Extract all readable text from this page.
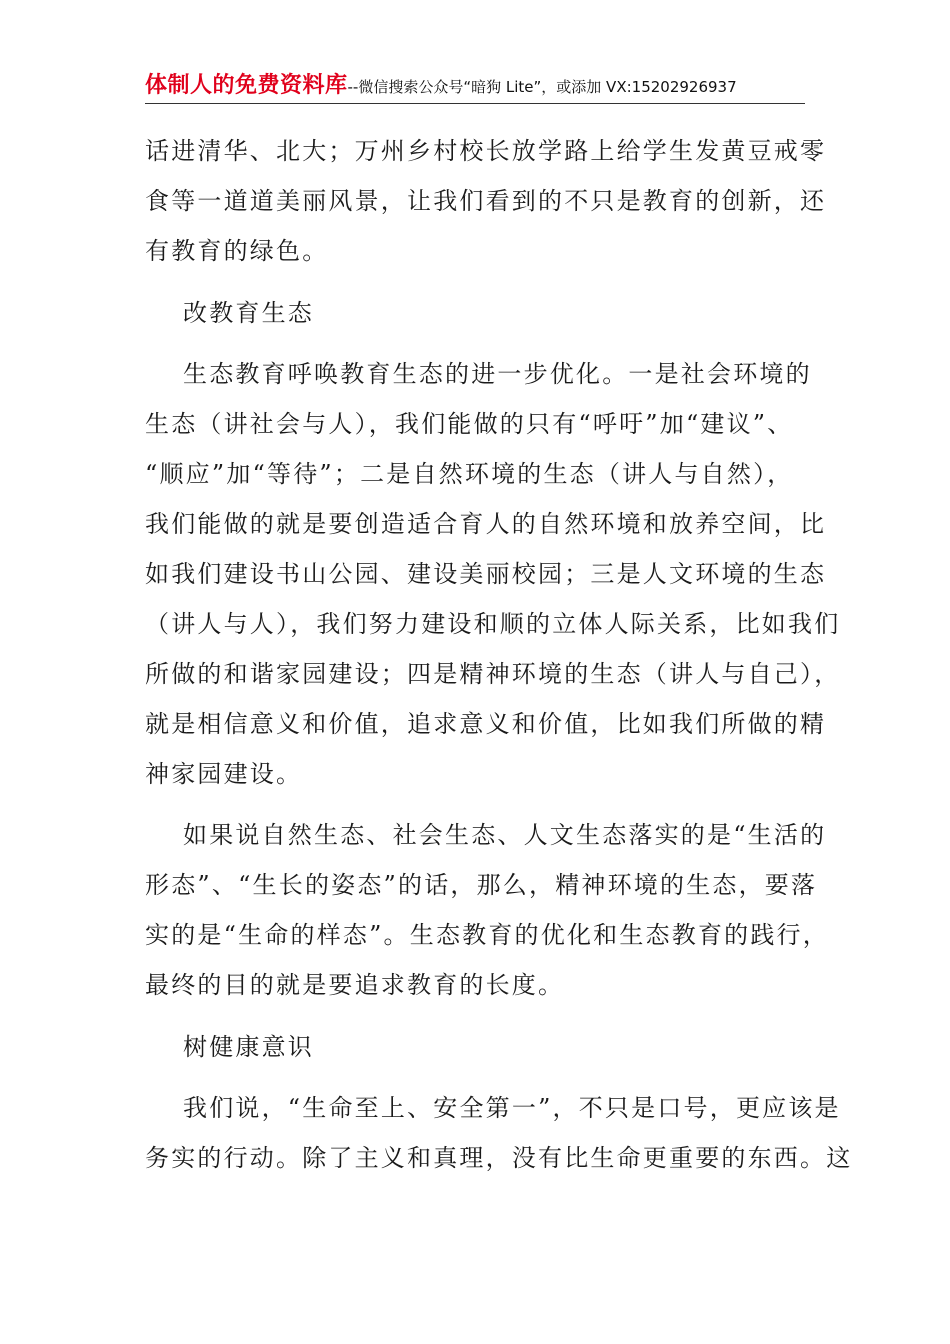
体制人的免费资料库--微信搜索公众号“暗狗 Lite”，或添加 VX:15202926937
话进清华、北大；万州乡村校长放学路上给学生发黄豆戒零
食等一道道美丽风景，让我们看到的不只是教育的创新，还
有教育的绿色。
改教育生态
生态教育呼唤教育生态的进一步优化。一是社会环境的
生态（讲社会与人），我们能做的只有“呼吁”加“建议”、
“顺应”加“等待”；二是自然环境的生态（讲人与自然），
我们能做的就是要创造适合育人的自然环境和放养空间，比
如我们建设书山公园、建设美丽校园；三是人文环境的生态
（讲人与人），我们努力建设和顺的立体人际关系，比如我们
所做的和谐家园建设；四是精神环境的生态（讲人与自己），
就是相信意义和价值，追求意义和价值，比如我们所做的精
神家园建设。
如果说自然生态、社会生态、人文生态落实的是“生活的
形态”、“生长的姿态”的话，那么，精神环境的生态，要落
实的是“生命的样态”。生态教育的优化和生态教育的践行，
最终的目的就是要追求教育的长度。
树健康意识
我们说，“生命至上、安全第一”，不只是口号，更应该是
务实的行动。除了主义和真理，没有比生命更重要的东西。这
